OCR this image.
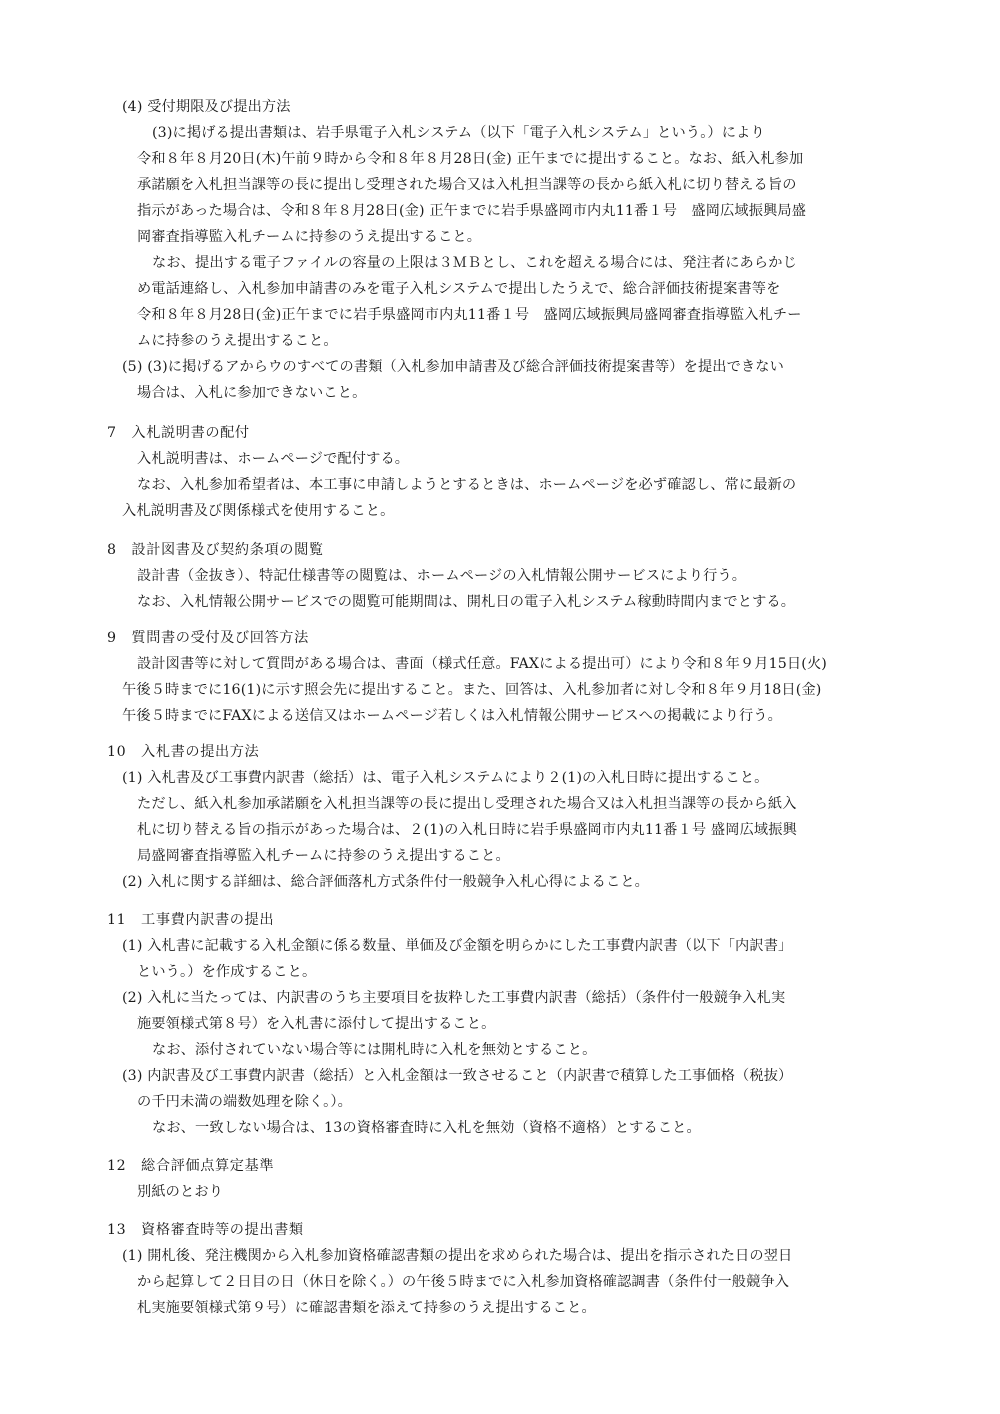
(4) 受付期限及び提出方法
(3)に掲げる提出書類は、岩手県電子入札システム（以下「電子入札システム」という。）により
令和８年８月20日(木)午前９時から令和８年８月28日(金) 正午までに提出すること。なお、紙入札参加
承諾願を入札担当課等の長に提出し受理された場合又は入札担当課等の長から紙入札に切り替える旨の
指示があった場合は、令和８年８月28日(金) 正午までに岩手県盛岡市内丸11番１号　盛岡広域振興局盛
岡審査指導監入札チームに持参のうえ提出すること。
なお、提出する電子ファイルの容量の上限は３ＭＢとし、これを超える場合には、発注者にあらかじ
め電話連絡し、入札参加申請書のみを電子入札システムで提出したうえで、総合評価技術提案書等を
令和８年８月28日(金)正午までに岩手県盛岡市内丸11番１号　盛岡広域振興局盛岡審査指導監入札チー
ムに持参のうえ提出すること。
(5) (3)に掲げるアからウのすべての書類（入札参加申請書及び総合評価技術提案書等）を提出できない
場合は、入札に参加できないこと。
7　入札説明書の配付
入札説明書は、ホームページで配付する。
なお、入札参加希望者は、本工事に申請しようとするときは、ホームページを必ず確認し、常に最新の
入札説明書及び関係様式を使用すること。
8　設計図書及び契約条項の閲覧
設計書（金抜き）、特記仕様書等の閲覧は、ホームページの入札情報公開サービスにより行う。
なお、入札情報公開サービスでの閲覧可能期間は、開札日の電子入札システム稼動時間内までとする。
9　質問書の受付及び回答方法
設計図書等に対して質問がある場合は、書面（様式任意。FAXによる提出可）により令和８年９月15日(火)
午後５時までに16(1)に示す照会先に提出すること。また、回答は、入札参加者に対し令和８年９月18日(金)
午後５時までにFAXによる送信又はホームページ若しくは入札情報公開サービスへの掲載により行う。
10　入札書の提出方法
(1) 入札書及び工事費内訳書（総括）は、電子入札システムにより２(1)の入札日時に提出すること。
ただし、紙入札参加承諾願を入札担当課等の長に提出し受理された場合又は入札担当課等の長から紙入
札に切り替える旨の指示があった場合は、２(1)の入札日時に岩手県盛岡市内丸11番１号 盛岡広域振興
局盛岡審査指導監入札チームに持参のうえ提出すること。
(2) 入札に関する詳細は、総合評価落札方式条件付一般競争入札心得によること。
11　工事費内訳書の提出
(1) 入札書に記載する入札金額に係る数量、単価及び金額を明らかにした工事費内訳書（以下「内訳書」
という。）を作成すること。
(2) 入札に当たっては、内訳書のうち主要項目を抜粋した工事費内訳書（総括）（条件付一般競争入札実
施要領様式第８号）を入札書に添付して提出すること。
なお、添付されていない場合等には開札時に入札を無効とすること。
(3) 内訳書及び工事費内訳書（総括）と入札金額は一致させること（内訳書で積算した工事価格（税抜）
の千円未満の端数処理を除く。）。
なお、一致しない場合は、13の資格審査時に入札を無効（資格不適格）とすること。
12　総合評価点算定基準
別紙のとおり
13　資格審査時等の提出書類
(1) 開札後、発注機関から入札参加資格確認書類の提出を求められた場合は、提出を指示された日の翌日
から起算して２日目の日（休日を除く。）の午後５時までに入札参加資格確認調書（条件付一般競争入
札実施要領様式第９号）に確認書類を添えて持参のうえ提出すること。
